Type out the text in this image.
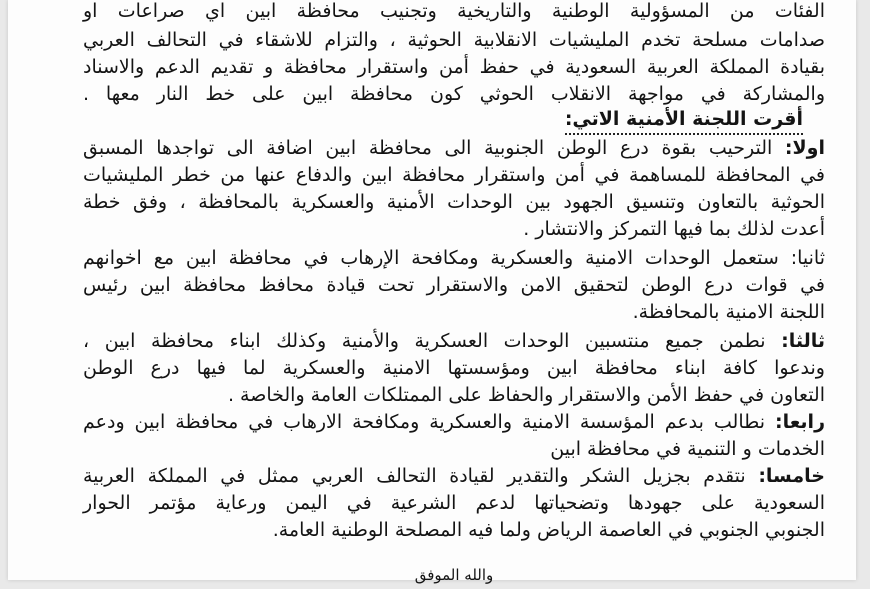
الفئات من المسؤولية الوطنية والتاريخية وتجنيب محافظة ابين اي صراعات او
صدامات مسلحة تخدم المليشيات الانقلابية الحوثية ، والتزام للاشقاء في التحالف العربي
بقيادة المملكة العربية السعودية في حفظ أمن واستقرار محافظة و تقديم الدعم والاسناد
والمشاركة في مواجهة الانقلاب الحوثي كون محافظة ابين على خط النار معها .
أقرت اللجنة الأمنية الاتي:
اولا: الترحيب بقوة درع الوطن الجنوبية الى محافظة ابين اضافة الى تواجدها المسبق
في المحافظة للمساهمة في أمن واستقرار محافظة ابين والدفاع عنها من خطر المليشيات
الحوثية بالتعاون وتنسيق الجهود بين الوحدات الأمنية والعسكرية بالمحافظة ، وفق خطة
أعدت لذلك بما فيها التمركز والانتشار .
ثانيا: ستعمل الوحدات الامنية والعسكرية ومكافحة الإرهاب في محافظة ابين مع اخوانهم
في قوات درع الوطن لتحقيق الامن والاستقرار تحت قيادة محافظ محافظة ابين رئيس
اللجنة الامنية بالمحافظة.
ثالثا: نطمن جميع منتسبين الوحدات العسكرية والأمنية وكذلك ابناء محافظة ابين ،
وندعوا كافة ابناء محافظة ابين ومؤسستها الامنية والعسكرية لما فيها درع الوطن
التعاون في حفظ الأمن والاستقرار والحفاظ على الممتلكات العامة والخاصة .
رابعا: نطالب بدعم المؤسسة الامنية والعسكرية ومكافحة الارهاب في محافظة ابين ودعم
الخدمات و التنمية في محافظة ابين
خامسا: نتقدم بجزيل الشكر والتقدير لقيادة التحالف العربي ممثل في المملكة العربية
السعودية على جهودها وتضحياتها لدعم الشرعية في اليمن ورعاية مؤتمر الحوار
الجنوبي الجنوبي في العاصمة الرياض ولما فيه المصلحة الوطنية العامة.
والله الموفق
